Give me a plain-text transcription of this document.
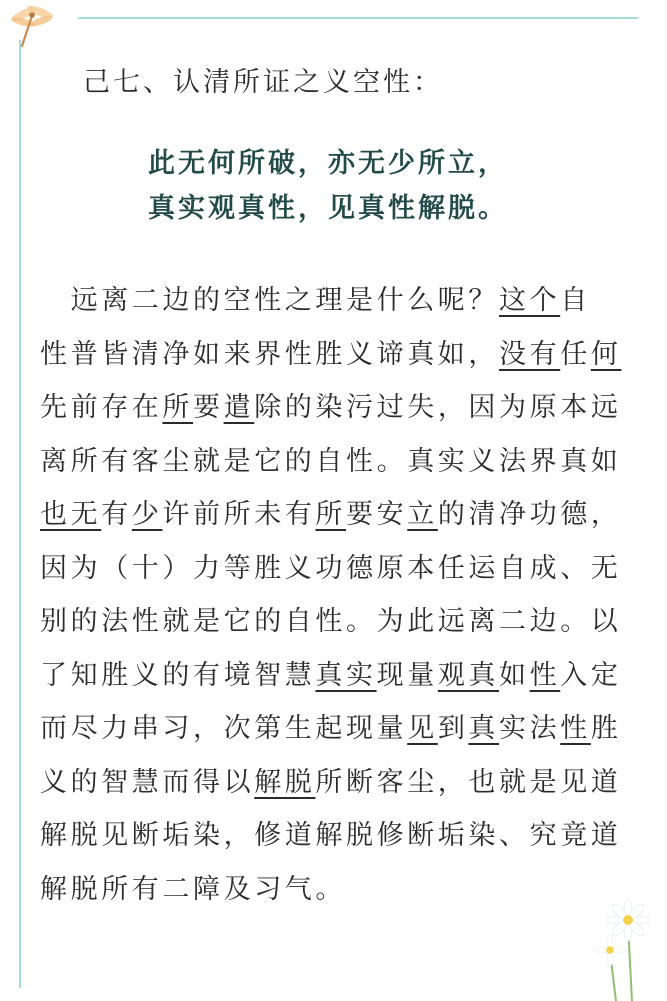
己七、认清所证之义空性：
此无何所破，亦无少所立，
真实观真性，见真性解脱。
　远离二边的空性之理是什么呢？这个自
性普皆清净如来界性胜义谛真如，没有任何
先前存在所要遣除的染污过失，因为原本远
离所有客尘就是它的自性。真实义法界真如
也无有少许前所未有所要安立的清净功德，
因为（十）力等胜义功德原本任运自成、无
别的法性就是它的自性。为此远离二边。以
了知胜义的有境智慧真实现量观真如性入定
而尽力串习，次第生起现量见到真实法性胜
义的智慧而得以解脱所断客尘，也就是见道
解脱见断垢染，修道解脱修断垢染、究竟道
解脱所有二障及习气。
